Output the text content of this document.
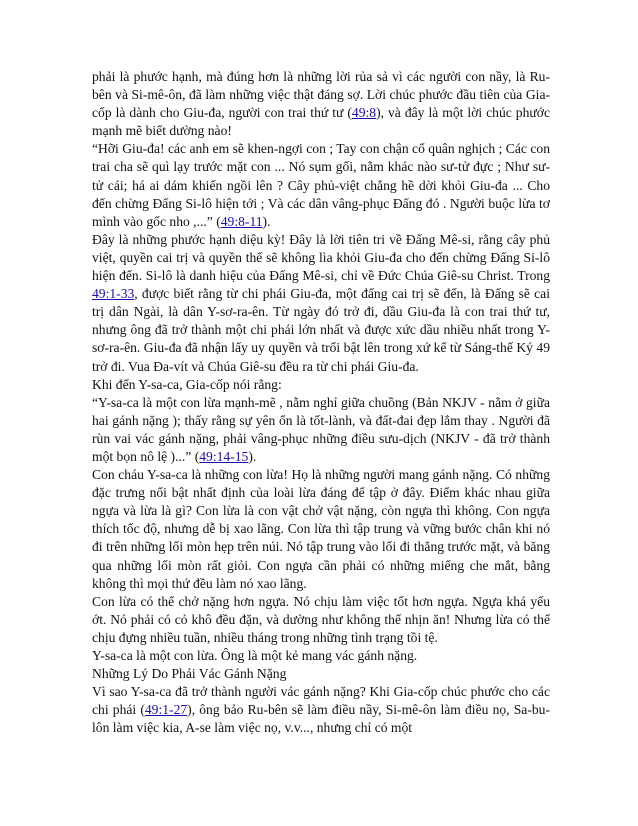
phải là phước hạnh, mà đúng hơn là những lời rủa sả vì các người con nầy, là Ru-bên và Si-mê-ôn, đã làm những việc thật đáng sợ. Lời chúc phước đầu tiên của Gia-cốp là dành cho Giu-đa, người con trai thứ tư (49:8), và đây là một lời chúc phước mạnh mẽ biết dường nào!

“Hỡi Giu-đa! các anh em sẽ khen-ngợi con ; Tay con chận cổ quân nghịch ; Các con trai cha sẽ quì lạy trước mặt con ... Nó sụm gối, nằm khác nào sư-tử đực ; Như sư-tử cái; há ai dám khiến ngồi lên ? Cây phủ-việt chẳng hề dời khỏi Giu-đa ... Cho đến chừng Đấng Si-lô hiện tới ; Và các dân vâng-phục Đấng đó . Người buộc lừa tơ mình vào gốc nho ,...” (49:8-11).

Đây là những phước hạnh diệu kỳ! Đây là lời tiên tri về Đấng Mê-si, rằng cây phủ việt, quyền cai trị và quyền thế sẽ không lìa khỏi Giu-đa cho đến chừng Đấng Si-lô hiện đến. Si-lô là danh hiệu của Đấng Mê-si, chỉ về Đức Chúa Giê-su Christ. Trong 49:1-33, được biết rằng từ chi phái Giu-đa, một đấng cai trị sẽ đến, là Đấng sẽ cai trị dân Ngài, là dân Y-sơ-ra-ên. Từ ngày đó trở đi, dầu Giu-đa là con trai thứ tư, nhưng ông đã trở thành một chi phái lớn nhất và được xức dầu nhiều nhất trong Y-sơ-ra-ên. Giu-đa đã nhận lấy uy quyền và trổi bật lên trong xứ kể từ Sáng-thế Ký 49 trở đi. Vua Đa-vít và Chúa Giê-su đều ra từ chi phái Giu-đa.

Khi đến Y-sa-ca, Gia-cốp nói rằng:

“Y-sa-ca là một con lừa mạnh-mẽ , nằm nghỉ giữa chuồng (Bản NKJV - nằm ở giữa hai gánh nặng ); thấy rằng sự yên ổn là tốt-lành, và đất-đai đẹp lắm thay . Người đã rùn vai vác gánh nặng, phải vâng-phục những điều sưu-dịch (NKJV - đã trở thành một bọn nô lệ )...” (49:14-15).

Con cháu Y-sa-ca là những con lừa! Họ là những người mang gánh nặng. Có những đặc trưng nổi bật nhất định của loài lừa đáng để tập ở đây. Điểm khác nhau giữa ngựa và lừa là gì? Con lừa là con vật chở vật nặng, còn ngựa thì không. Con ngựa thích tốc độ, nhưng dễ bị xao lãng. Con lừa thì tập trung và vững bước chân khi nó đi trên những lối mòn hẹp trên núi. Nó tập trung vào lối đi thẳng trước mặt, và băng qua những lối mòn rất giỏi. Con ngựa cần phải có những miếng che mắt, bằng không thì mọi thứ đều làm nó xao lãng.

Con lừa có thể chở nặng hơn ngựa. Nó chịu làm việc tốt hơn ngựa. Ngựa khá yếu ớt. Nó phải có cỏ khô đều đặn, và dường như không thể nhịn ăn! Nhưng lừa có thể chịu đựng nhiều tuần, nhiều tháng trong những tình trạng tồi tệ.

Y-sa-ca là một con lừa. Ông là một kẻ mang vác gánh nặng.

Những Lý Do Phải Vác Gánh Nặng

Vì sao Y-sa-ca đã trở thành người vác gánh nặng? Khi Gia-cốp chúc phước cho các chi phái (49:1-27), ông bảo Ru-bên sẽ làm điều nầy, Si-mê-ôn làm điều nọ, Sa-bu-lôn làm việc kia, A-se làm việc nọ, v.v..., nhưng chỉ có một
